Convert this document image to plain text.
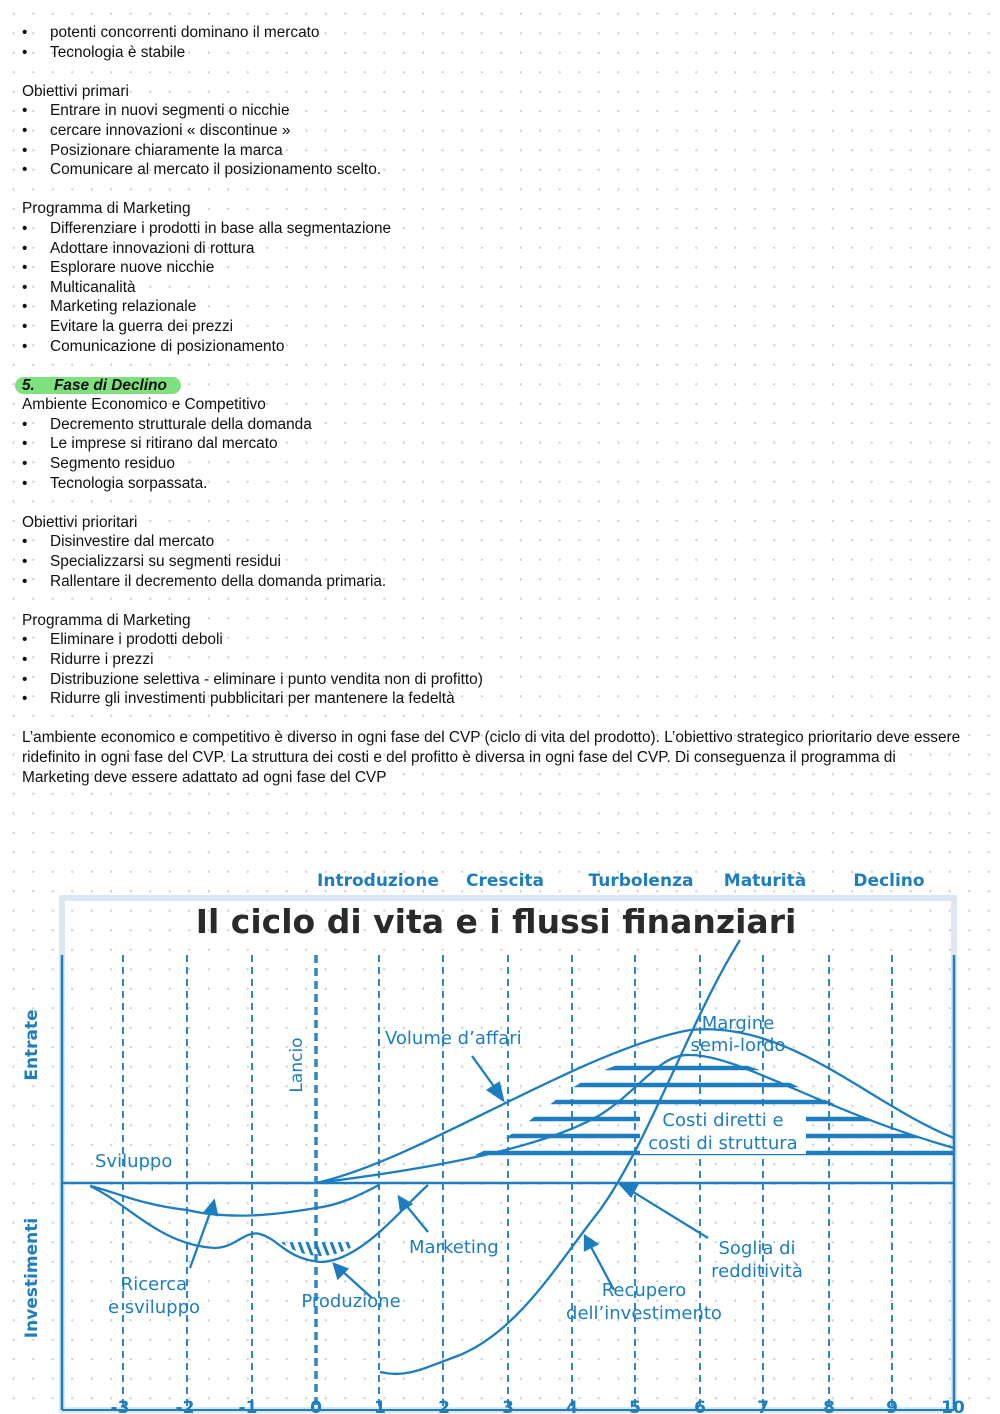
•	potenti concorrenti dominano il mercato
•	Tecnologia è stabile
Obiettivi primari
•	Entrare in nuovi segmenti o nicchie
•	cercare innovazioni « discontinue »
•	Posizionare chiaramente la marca
•	Comunicare al mercato il posizionamento scelto.
Programma di Marketing
•	Differenziare i prodotti in base alla segmentazione
•	Adottare innovazioni di rottura
•	Esplorare nuove nicchie
•	Multicanalità
•	Marketing relazionale
•	Evitare la guerra dei prezzi
•	Comunicazione di posizionamento
5. Fase di Declino
Ambiente Economico e Competitivo
•	Decremento strutturale della domanda
•	Le imprese si ritirano dal mercato
•	Segmento residuo
•	Tecnologia sorpassata.
Obiettivi prioritari
•	Disinvestire dal mercato
•	Specializzarsi su segmenti residui
•	Rallentare il decremento della domanda primaria.
Programma di Marketing
•	Eliminare i prodotti deboli
•	Ridurre i prezzi
•	Distribuzione selettiva - eliminare i punto vendita non di profitto)
•	Ridurre gli investimenti pubblicitari per mantenere la fedeltà
L’ambiente economico e competitivo è diverso in ogni fase del CVP (ciclo di vita del prodotto). L’obiettivo strategico prioritario deve essere ridefinito in ogni fase del CVP. La struttura dei costi e del profitto è diversa in ogni fase del CVP. Di conseguenza il programma di Marketing deve essere adattato ad ogni fase del CVP
Introduzione Crescita	Turbolenza Maturità	Declino
Il ciclo di vita e i flussi finanziari
Entrate
Investimenti
Lancio
Sviluppo
Volume d’affari
Margine
semi-lordo
Costi diretti e
costi di struttura
Marketing	Soglia di
redditività
Ricerca
e sviluppo	Produzione
Recupero
dell’investimento
-3	-2	-1	0	1	2	3	4	5	6	7	8	9	10
